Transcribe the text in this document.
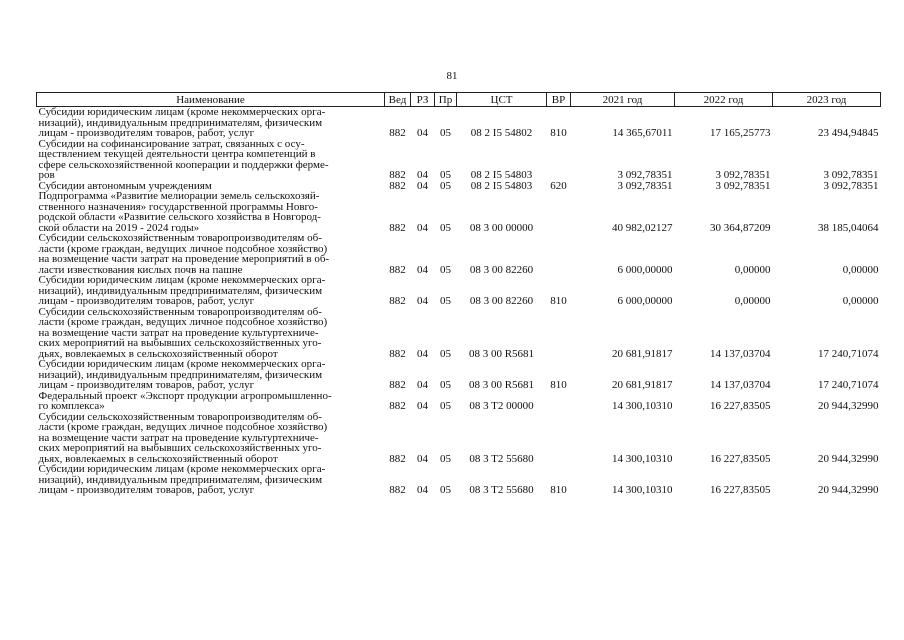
81
Наименование	Вед	РЗ	Пр	ЦСТ	ВР	2021 год	2022 год	2023 год

Субсидии юридическим лицам (кроме некоммерческих орга-
низаций), индивидуальным предпринимателям, физическим
лицам - производителям товаров, работ, услуг	882	04	05	08 2 I5 54802	810	14 365,67011	17 165,25773	23 494,94845

Субсидии на софинансирование затрат, связанных с осу-
ществлением текущей деятельности центра компетенций в
сфере сельскохозяйственной кооперации и поддержки ферме-
ров	882	04	05	08 2 I5 54803		3 092,78351	3 092,78351	3 092,78351

Субсидии автономным учреждениям	882	04	05	08 2 I5 54803	620	3 092,78351	3 092,78351	3 092,78351

Подпрограмма «Развитие мелиорации земель сельскохозяй-
ственного назначения» государственной программы Новго-
родской области «Развитие сельского хозяйства в Новгород-
ской области на 2019 - 2024 годы»	882	04	05	08 3 00 00000		40 982,02127	30 364,87209	38 185,04064

Субсидии сельскохозяйственным товаропроизводителям об-
ласти (кроме граждан, ведущих личное подсобное хозяйство)
на возмещение части затрат на проведение мероприятий в об-
ласти известкования кислых почв на пашне	882	04	05	08 3 00 82260		6 000,00000	0,00000	0,00000

Субсидии юридическим лицам (кроме некоммерческих орга-
низаций), индивидуальным предпринимателям, физическим
лицам - производителям товаров, работ, услуг	882	04	05	08 3 00 82260	810	6 000,00000	0,00000	0,00000

Субсидии сельскохозяйственным товаропроизводителям об-
ласти (кроме граждан, ведущих личное подсобное хозяйство)
на возмещение части затрат на проведение культуртехниче-
ских мероприятий на выбывших сельскохозяйственных уго-
дьях, вовлекаемых в сельскохозяйственный оборот	882	04	05	08 3 00 R5681		20 681,91817	14 137,03704	17 240,71074

Субсидии юридическим лицам (кроме некоммерческих орга-
низаций), индивидуальным предпринимателям, физическим
лицам - производителям товаров, работ, услуг	882	04	05	08 3 00 R5681	810	20 681,91817	14 137,03704	17 240,71074

Федеральный проект «Экспорт продукции агропромышленно-
го комплекса»	882	04	05	08 3 T2 00000		14 300,10310	16 227,83505	20 944,32990

Субсидии сельскохозяйственным товаропроизводителям об-
ласти (кроме граждан, ведущих личное подсобное хозяйство)
на возмещение части затрат на проведение культуртехниче-
ских мероприятий на выбывших сельскохозяйственных уго-
дьях, вовлекаемых в сельскохозяйственный оборот	882	04	05	08 3 T2 55680		14 300,10310	16 227,83505	20 944,32990

Субсидии юридическим лицам (кроме некоммерческих орга-
низаций), индивидуальным предпринимателям, физическим
лицам - производителям товаров, работ, услуг	882	04	05	08 3 T2 55680	810	14 300,10310	16 227,83505	20 944,32990
